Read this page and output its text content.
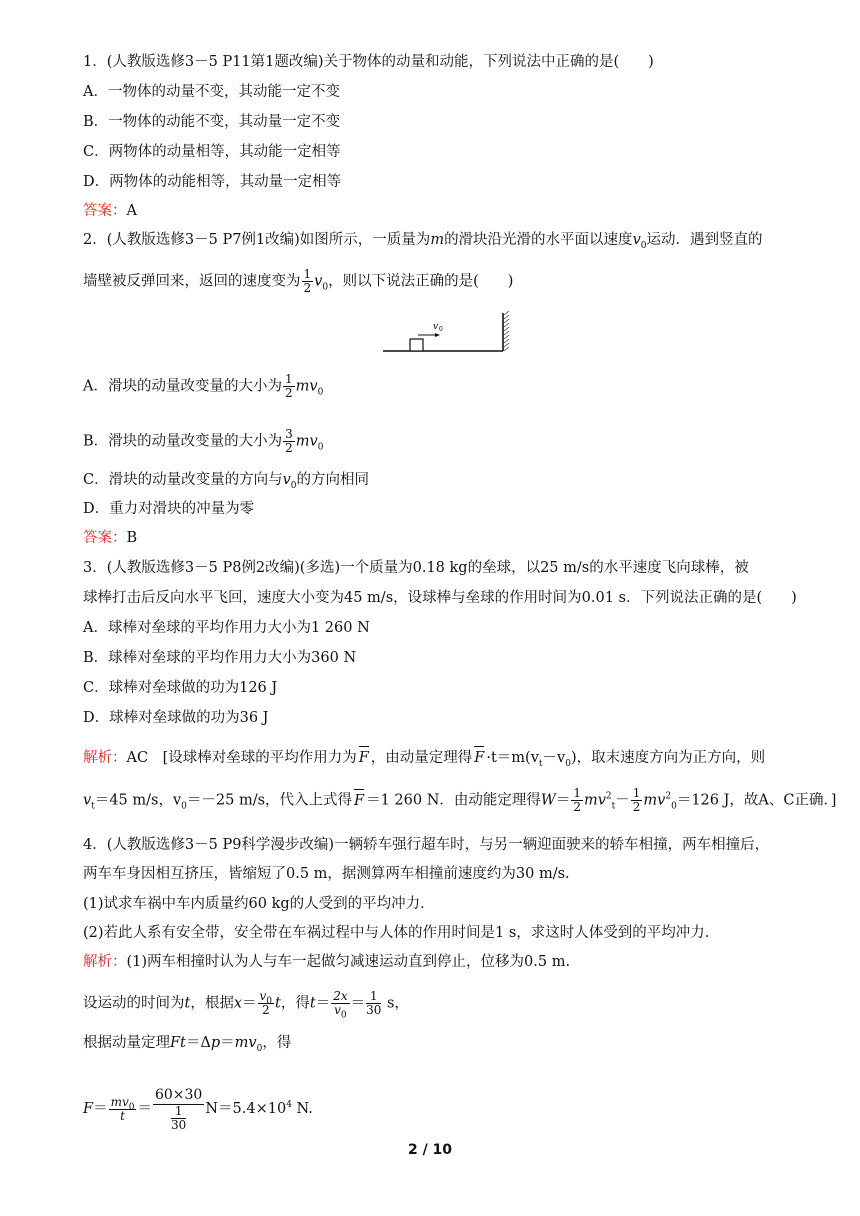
1．(人教版选修3－5 P11第1题改编)关于物体的动量和动能，下列说法中正确的是(　　)
A．一物体的动量不变，其动能一定不变
B．一物体的动能不变，其动量一定不变
C．两物体的动量相等，其动能一定相等
D．两物体的动能相等，其动量一定相等
答案：A
2．(人教版选修3－5 P7例1改编)如图所示，一质量为m的滑块沿光滑的水平面以速度$v_0$运动．遇到竖直的
墙壁被反弹回来，返回的速度变为 $\frac{1}{2} v_0$，则以下说法正确的是(　　)
v 0
A．滑块的动量改变量的大小为 $\frac{1}{2} mv_0$
B．滑块的动量改变量的大小为 $\frac{3}{2} mv_0$
C．滑块的动量改变量的方向与$v_0$的方向相同
D．重力对滑块的冲量为零
答案：B
3．(人教版选修3－5 P8例2改编)(多选)一个质量为0.18 kg的垒球，以25 m/s的水平速度飞向球棒，被
球棒打击后反向水平飞回，速度大小变为45 m/s，设球棒与垒球的作用时间为0.01 s．下列说法正确的是(　　)
A．球棒对垒球的平均作用力大小为1 260 N
B．球棒对垒球的平均作用力大小为360 N
C．球棒对垒球做的功为126 J
D．球棒对垒球做的功为36 J
解析：AC　[设球棒对垒球的平均作用力为 F ，由动量定理得 $F \cdot t=m(v_t-v_0)$，取末速度方向为正方向，则
$v_t=45$ m/s，$v_0=-25$ m/s，代入上式得 F ＝1 260 N．由动能定理得$W= \frac{1}{2} mv^2_t- \frac{1}{2} mv^2_0=126$ J，故A、C正确．]
4．(人教版选修3－5 P9科学漫步改编)一辆轿车强行超车时，与另一辆迎面驶来的轿车相撞，两车相撞后，
两车车身因相互挤压，皆缩短了0.5 m，据测算两车相撞前速度约为30 m/s.
(1)试求车祸中车内质量约60 kg的人受到的平均冲力．
(2)若此人系有安全带，安全带在车祸过程中与人体的作用时间是1 s，求这时人体受到的平均冲力．
解析：(1)两车相撞时认为人与车一起做匀减速运动直到停止，位移为0.5 m.
设运动的时间为t，根据$x= \frac{v_0}{2}$ t，得$t= \frac{2x}{v_0} = \frac{1}{30}$ s，
根据动量定理$Ft=\Delta p=mv_0$，得
$F= \frac{mv_0}{t} = \frac{60\times 30}{\frac{1}{30}} N=5.4\times 10^4$ N.
2 / 10
